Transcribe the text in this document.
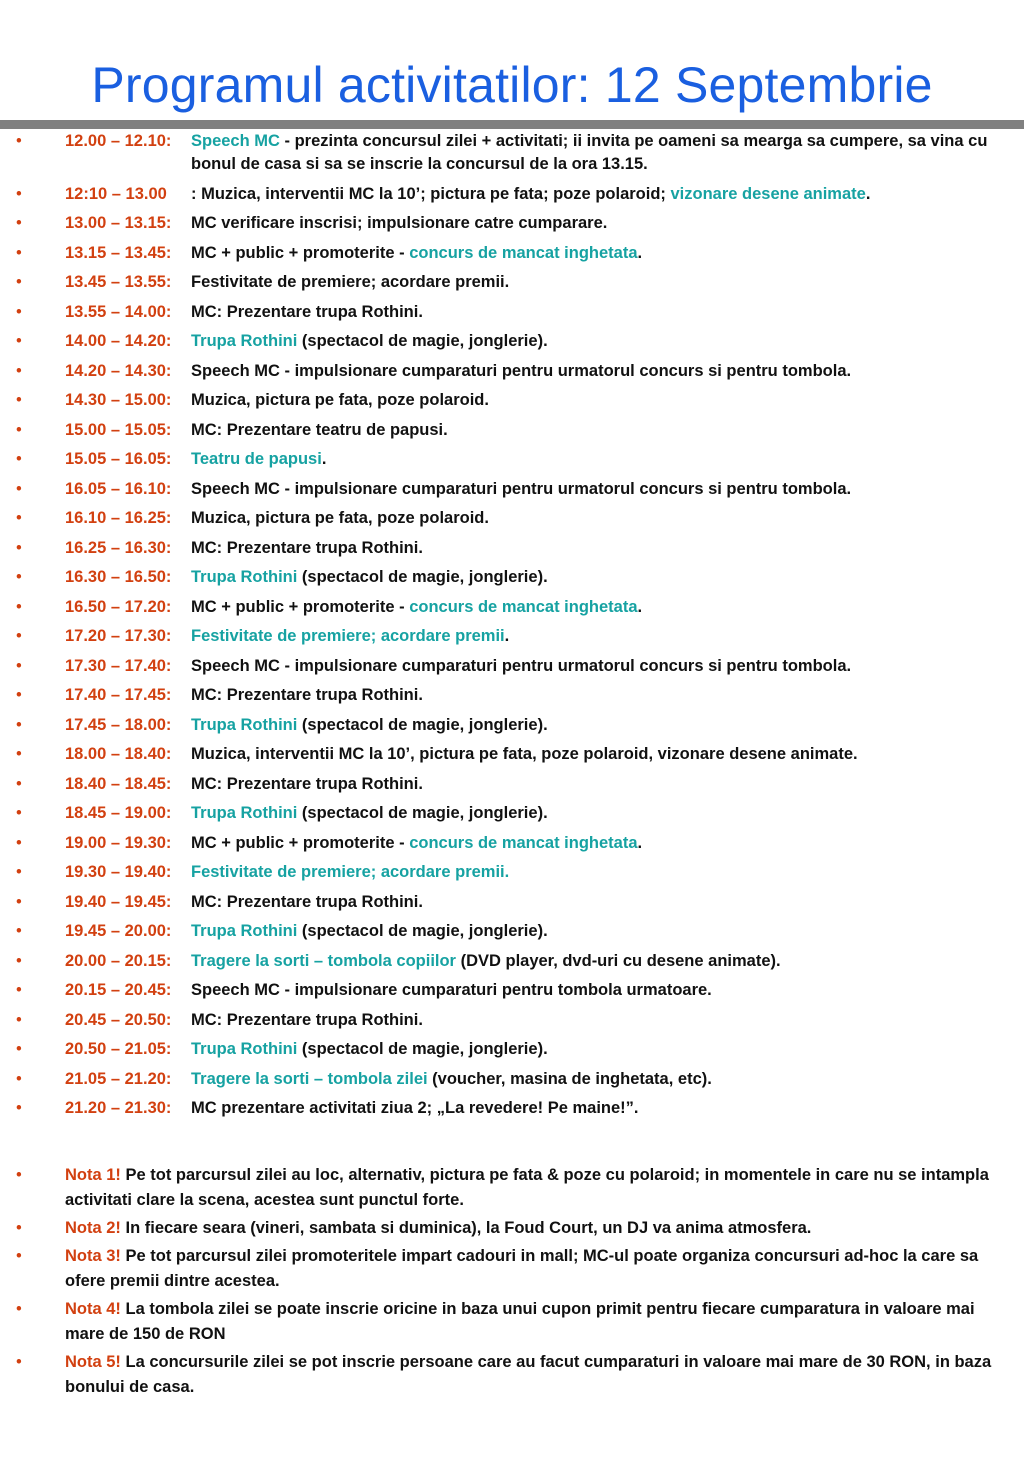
Programul activitatilor: 12 Septembrie
•	12.00 – 12.10: Speech MC - prezinta concursul zilei + activitati; ii invita pe oameni sa mearga sa cumpere, sa vina cu bonul de casa si sa se inscrie la concursul de la ora 13.15.
•	12:10 – 13.00 : Muzica, interventii MC la 10’; pictura pe fata; poze polaroid; vizonare desene animate.
•	13.00 – 13.15: MC verificare inscrisi; impulsionare catre cumparare.
•	13.15 – 13.45: MC + public + promoterite - concurs de mancat inghetata.
•	13.45 – 13.55: Festivitate de premiere; acordare premii.
•	13.55 – 14.00: MC: Prezentare trupa Rothini.
•	14.00 – 14.20: Trupa Rothini (spectacol de magie, jonglerie).
•	14.20 – 14.30: Speech MC - impulsionare cumparaturi pentru urmatorul concurs si pentru tombola.
•	14.30 – 15.00: Muzica, pictura pe fata, poze polaroid.
•	15.00 – 15.05: MC: Prezentare teatru de papusi.
•	15.05 – 16.05: Teatru de papusi.
•	16.05 – 16.10: Speech MC - impulsionare cumparaturi pentru urmatorul concurs si pentru tombola.
•	16.10 – 16.25: Muzica, pictura pe fata, poze polaroid.
•	16.25 – 16.30: MC: Prezentare trupa Rothini.
•	16.30 – 16.50: Trupa Rothini (spectacol de magie, jonglerie).
•	16.50 – 17.20: MC + public + promoterite - concurs de mancat inghetata.
•	17.20 – 17.30: Festivitate de premiere; acordare premii.
•	17.30 – 17.40: Speech MC - impulsionare cumparaturi pentru urmatorul concurs si pentru tombola.
•	17.40 – 17.45: MC: Prezentare trupa Rothini.
•	17.45 – 18.00: Trupa Rothini (spectacol de magie, jonglerie).
•	18.00 – 18.40: Muzica, interventii MC la 10’, pictura pe fata, poze polaroid, vizonare desene animate.
•	18.40 – 18.45: MC: Prezentare trupa Rothini.
•	18.45 – 19.00: Trupa Rothini (spectacol de magie, jonglerie).
•	19.00 – 19.30: MC + public + promoterite - concurs de mancat inghetata.
•	19.30 – 19.40: Festivitate de premiere; acordare premii.
•	19.40 – 19.45: MC: Prezentare trupa Rothini.
•	19.45 – 20.00: Trupa Rothini (spectacol de magie, jonglerie).
•	20.00 – 20.15: Tragere la sorti – tombola copiilor (DVD player, dvd-uri cu desene animate).
•	20.15 – 20.45: Speech MC - impulsionare cumparaturi pentru tombola urmatoare.
•	20.45 – 20.50: MC: Prezentare trupa Rothini.
•	20.50 – 21.05: Trupa Rothini (spectacol de magie, jonglerie).
•	21.05 – 21.20: Tragere la sorti – tombola zilei (voucher, masina de inghetata, etc).
•	21.20 – 21.30: MC prezentare activitati ziua 2; „La revedere! Pe maine!”.
•	Nota 1! Pe tot parcursul zilei au loc, alternativ, pictura pe fata & poze cu polaroid; in momentele in care nu se intampla activitati clare la scena, acestea sunt punctul forte.
•	Nota 2! In fiecare seara (vineri, sambata si duminica), la Foud Court, un DJ va anima atmosfera.
•	Nota 3! Pe tot parcursul zilei promoteritele impart cadouri in mall; MC-ul poate organiza concursuri ad-hoc la care sa ofere premii dintre acestea.
•	Nota 4! La tombola zilei se poate inscrie oricine in baza unui cupon primit pentru fiecare cumparatura in valoare mai mare de 150 de RON
•	Nota 5! La concursurile zilei se pot inscrie persoane care au facut cumparaturi in valoare mai mare de 30 RON, in baza bonului de casa.
